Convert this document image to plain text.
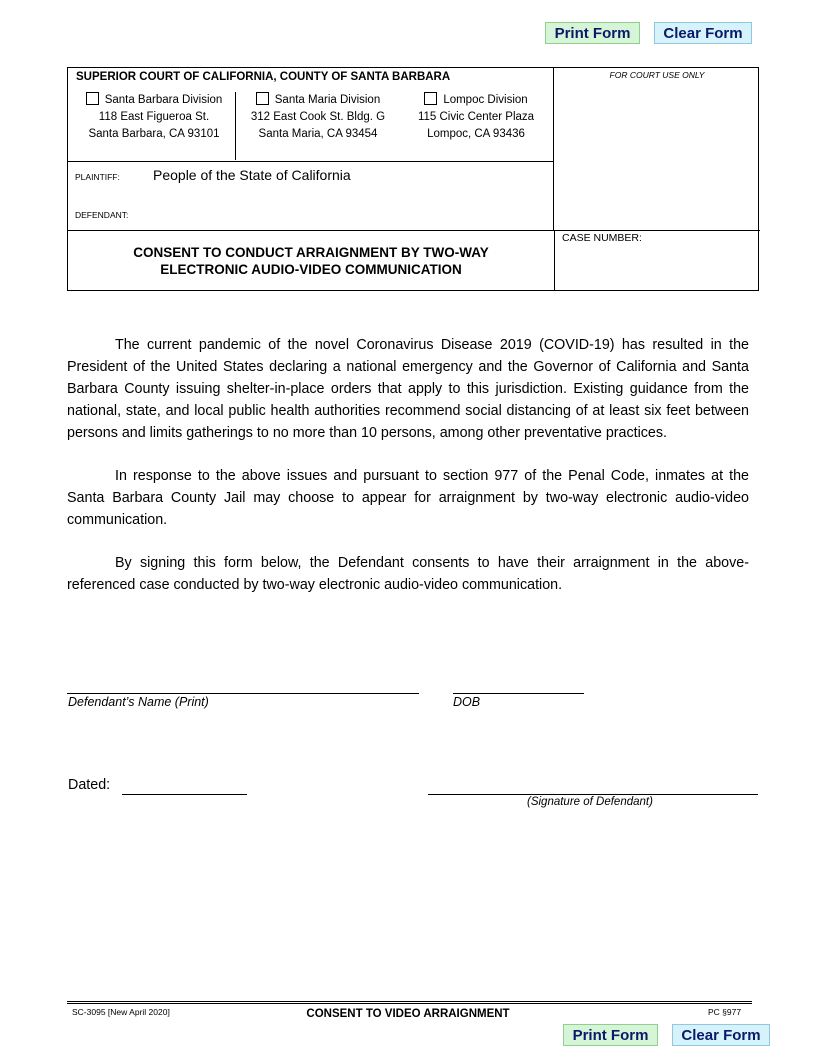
Print Form	Clear Form
SUPERIOR COURT OF CALIFORNIA, COUNTY OF SANTA BARBARA
Santa Barbara Division
118 East Figueroa St.
Santa Barbara, CA 93101
Santa Maria Division
312 East Cook St. Bldg. G
Santa Maria, CA 93454
Lompoc Division
115 Civic Center Plaza
Lompoc, CA 93436
PLAINTIFF: People of the State of California
DEFENDANT:
CONSENT TO CONDUCT ARRAIGNMENT BY TWO-WAY
ELECTRONIC AUDIO-VIDEO COMMUNICATION
FOR COURT USE ONLY
CASE NUMBER:

The current pandemic of the novel Coronavirus Disease 2019 (COVID-19) has resulted in the President of the United States declaring a national emergency and the Governor of California and Santa Barbara County issuing shelter-in-place orders that apply to this jurisdiction. Existing guidance from the national, state, and local public health authorities recommend social distancing of at least six feet between persons and limits gatherings to no more than 10 persons, among other preventative practices.

In response to the above issues and pursuant to section 977 of the Penal Code, inmates at the Santa Barbara County Jail may choose to appear for arraignment by two-way electronic audio-video communication.

By signing this form below, the Defendant consents to have their arraignment in the above-referenced case conducted by two-way electronic audio-video communication.

Defendant’s Name (Print)	DOB
Dated:
(Signature of Defendant)
SC-3095 [New April 2020]	CONSENT TO VIDEO ARRAIGNMENT	PC §977
Print Form	Clear Form
